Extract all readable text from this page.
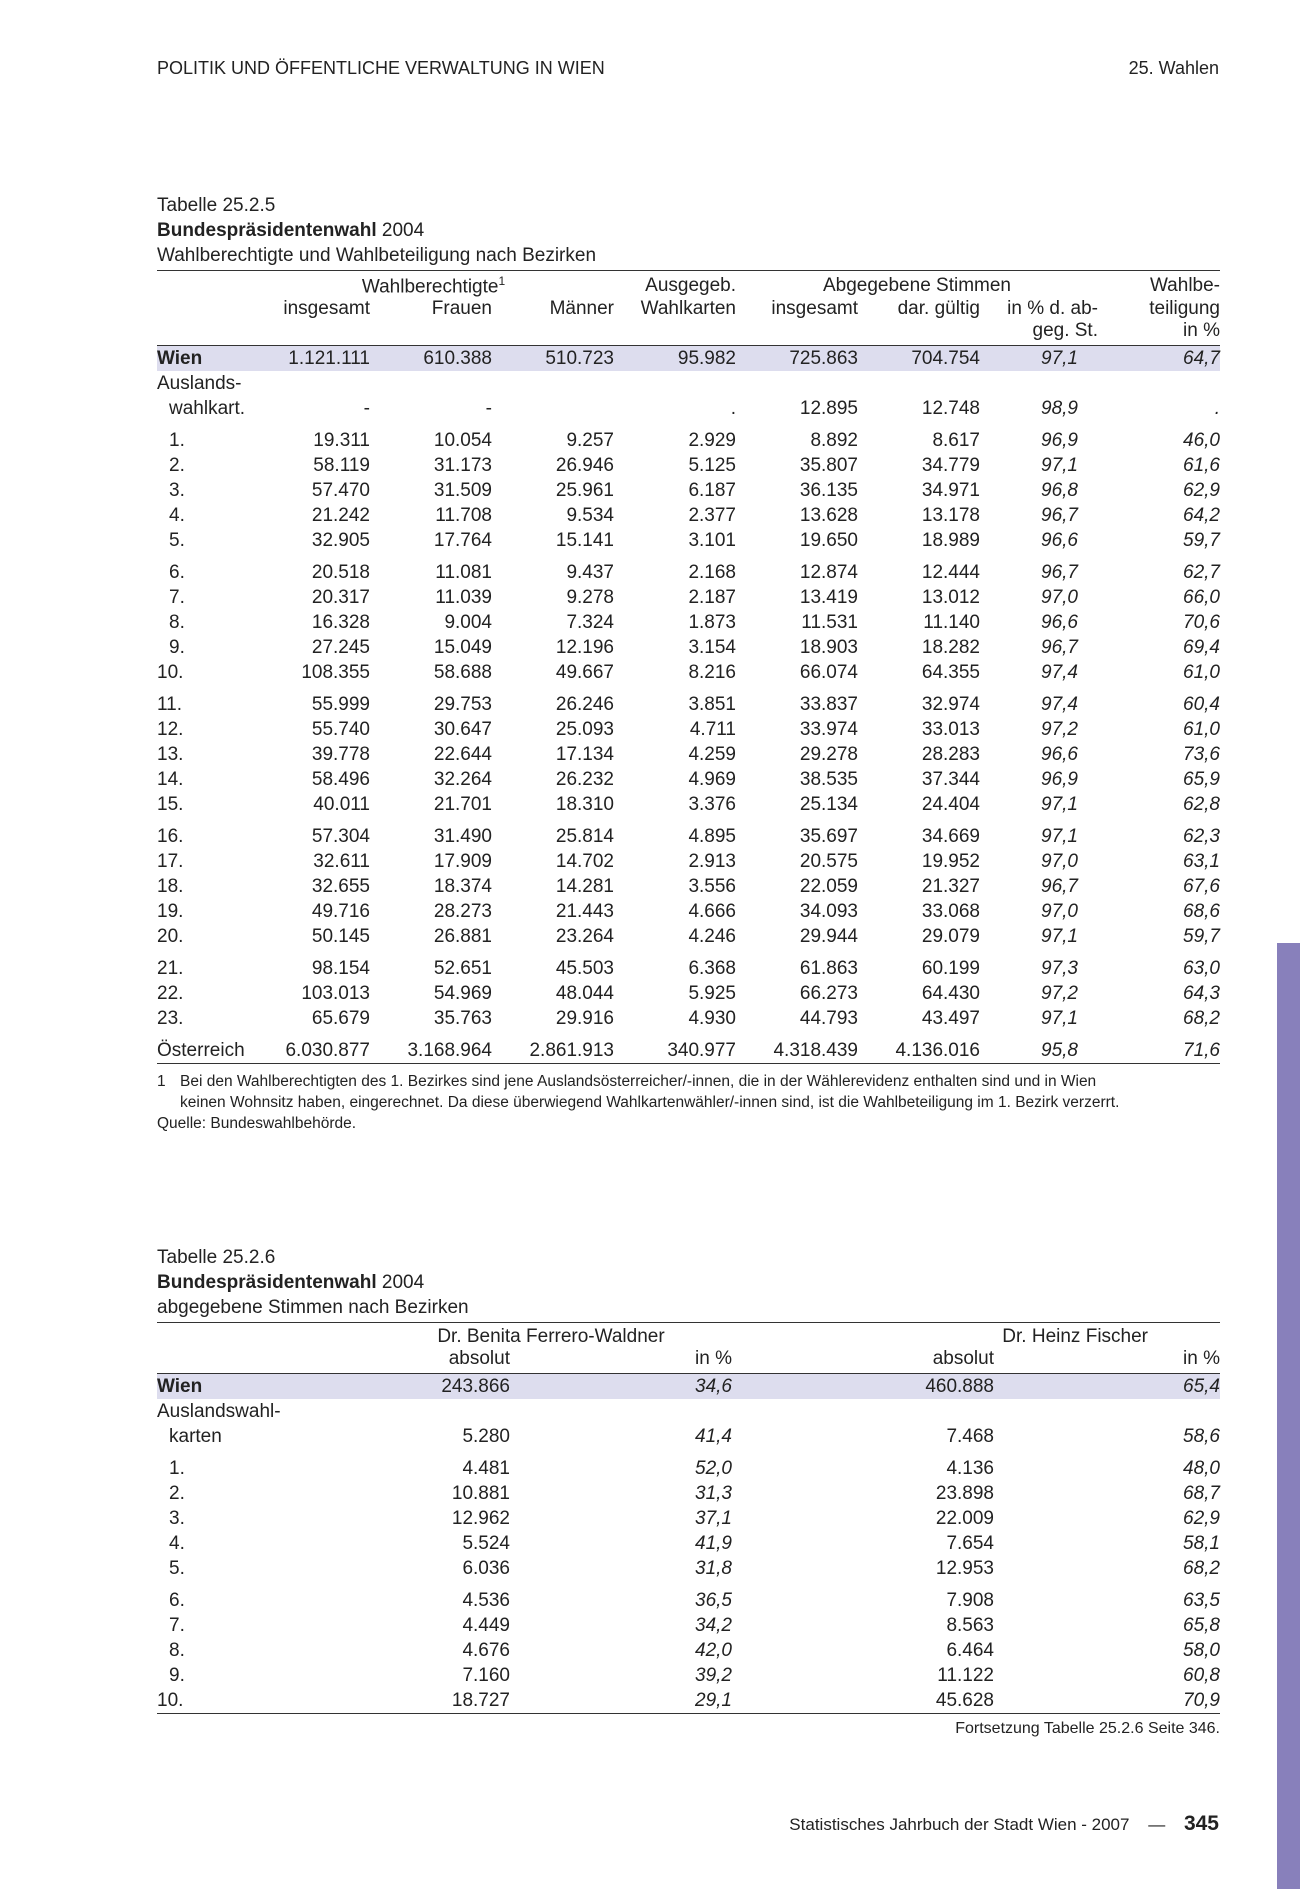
POLITIK UND ÖFFENTLICHE VERWALTUNG IN WIEN	25. Wahlen
Tabelle 25.2.5
Bundespräsidentenwahl 2004
Wahlberechtigte und Wahlbeteiligung nach Bezirken
	Wahlberechtigte$^1$			Ausgegeb.	Abgegebene Stimmen			Wahlbe-
	insgesamt	Frauen	Männer	Wahlkarten	insgesamt	dar. gültig	in % d. ab-	teiligung
							geg. St.	in %
Wien	1.121.111	610.388	510.723	95.982	725.863	704.754	97,1	64,7
Auslands-								
wahlkart.	-	-		.	12.895	12.748	98,9	.
1.	19.311	10.054	9.257	2.929	8.892	8.617	96,9	46,0
2.	58.119	31.173	26.946	5.125	35.807	34.779	97,1	61,6
3.	57.470	31.509	25.961	6.187	36.135	34.971	96,8	62,9
4.	21.242	11.708	9.534	2.377	13.628	13.178	96,7	64,2
5.	32.905	17.764	15.141	3.101	19.650	18.989	96,6	59,7
6.	20.518	11.081	9.437	2.168	12.874	12.444	96,7	62,7
7.	20.317	11.039	9.278	2.187	13.419	13.012	97,0	66,0
8.	16.328	9.004	7.324	1.873	11.531	11.140	96,6	70,6
9.	27.245	15.049	12.196	3.154	18.903	18.282	96,7	69,4
10.	108.355	58.688	49.667	8.216	66.074	64.355	97,4	61,0
11.	55.999	29.753	26.246	3.851	33.837	32.974	97,4	60,4
12.	55.740	30.647	25.093	4.711	33.974	33.013	97,2	61,0
13.	39.778	22.644	17.134	4.259	29.278	28.283	96,6	73,6
14.	58.496	32.264	26.232	4.969	38.535	37.344	96,9	65,9
15.	40.011	21.701	18.310	3.376	25.134	24.404	97,1	62,8
16.	57.304	31.490	25.814	4.895	35.697	34.669	97,1	62,3
17.	32.611	17.909	14.702	2.913	20.575	19.952	97,0	63,1
18.	32.655	18.374	14.281	3.556	22.059	21.327	96,7	67,6
19.	49.716	28.273	21.443	4.666	34.093	33.068	97,0	68,6
20.	50.145	26.881	23.264	4.246	29.944	29.079	97,1	59,7
21.	98.154	52.651	45.503	6.368	61.863	60.199	97,3	63,0
22.	103.013	54.969	48.044	5.925	66.273	64.430	97,2	64,3
23.	65.679	35.763	29.916	4.930	44.793	43.497	97,1	68,2
Österreich	6.030.877	3.168.964	2.861.913	340.977	4.318.439	4.136.016	95,8	71,6
1 Bei den Wahlberechtigten des 1. Bezirkes sind jene Auslandsösterreicher/-innen, die in der Wählerevidenz enthalten sind und in Wien
keinen Wohnsitz haben, eingerechnet. Da diese überwiegend Wahlkartenwähler/-innen sind, ist die Wahlbeteiligung im 1. Bezirk verzerrt.
Quelle: Bundeswahlbehörde.
Tabelle 25.2.6
Bundespräsidentenwahl 2004
abgegebene Stimmen nach Bezirken
	Dr. Benita Ferrero-Waldner		Dr. Heinz Fischer	
	absolut	in %	absolut	in %
Wien	243.866	34,6	460.888	65,4
Auslandswahl-				
karten	5.280	41,4	7.468	58,6
1.	4.481	52,0	4.136	48,0
2.	10.881	31,3	23.898	68,7
3.	12.962	37,1	22.009	62,9
4.	5.524	41,9	7.654	58,1
5.	6.036	31,8	12.953	68,2
6.	4.536	36,5	7.908	63,5
7.	4.449	34,2	8.563	65,8
8.	4.676	42,0	6.464	58,0
9.	7.160	39,2	11.122	60,8
10.	18.727	29,1	45.628	70,9
Fortsetzung Tabelle 25.2.6 Seite 346.
Statistisches Jahrbuch der Stadt Wien - 2007 — 345
